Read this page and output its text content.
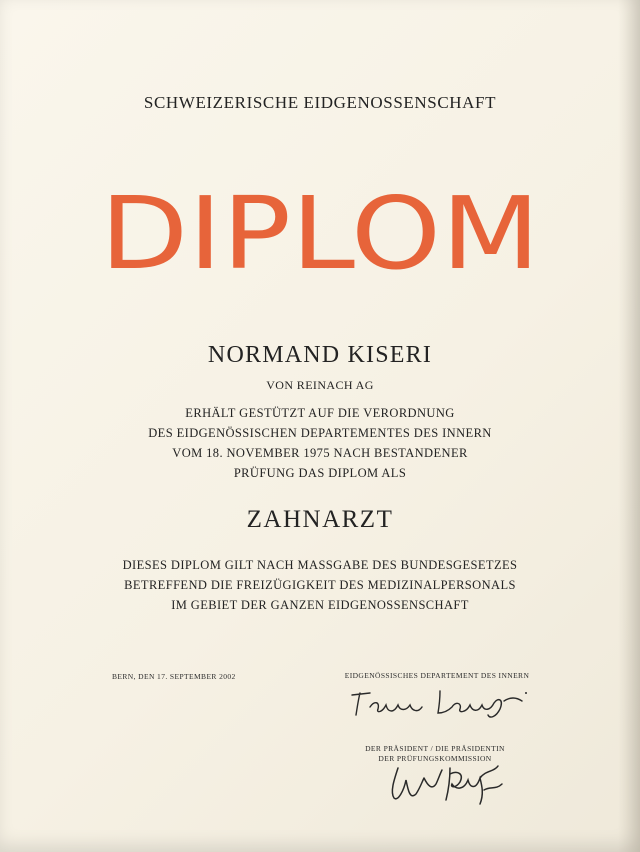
SCHWEIZERISCHE EIDGENOSSENSCHAFT
DIPLOM
NORMAND KISERI
VON REINACH AG
ERHÄLT GESTÜTZT AUF DIE VERORDNUNG
DES EIDGENÖSSISCHEN DEPARTEMENTES DES INNERN
VOM 18. NOVEMBER 1975 NACH BESTANDENER
PRÜFUNG DAS DIPLOM ALS
ZAHNARZT
DIESES DIPLOM GILT NACH MASSGABE DES BUNDESGESETZES
BETREFFEND DIE FREIZÜGIGKEIT DES MEDIZINALPERSONALS
IM GEBIET DER GANZEN EIDGENOSSENSCHAFT
BERN, DEN 17. SEPTEMBER 2002	EIDGENÖSSISCHES DEPARTEMENT DES INNERN
DER PRÄSIDENT / DIE PRÄSIDENTIN
DER PRÜFUNGSKOMMISSION
